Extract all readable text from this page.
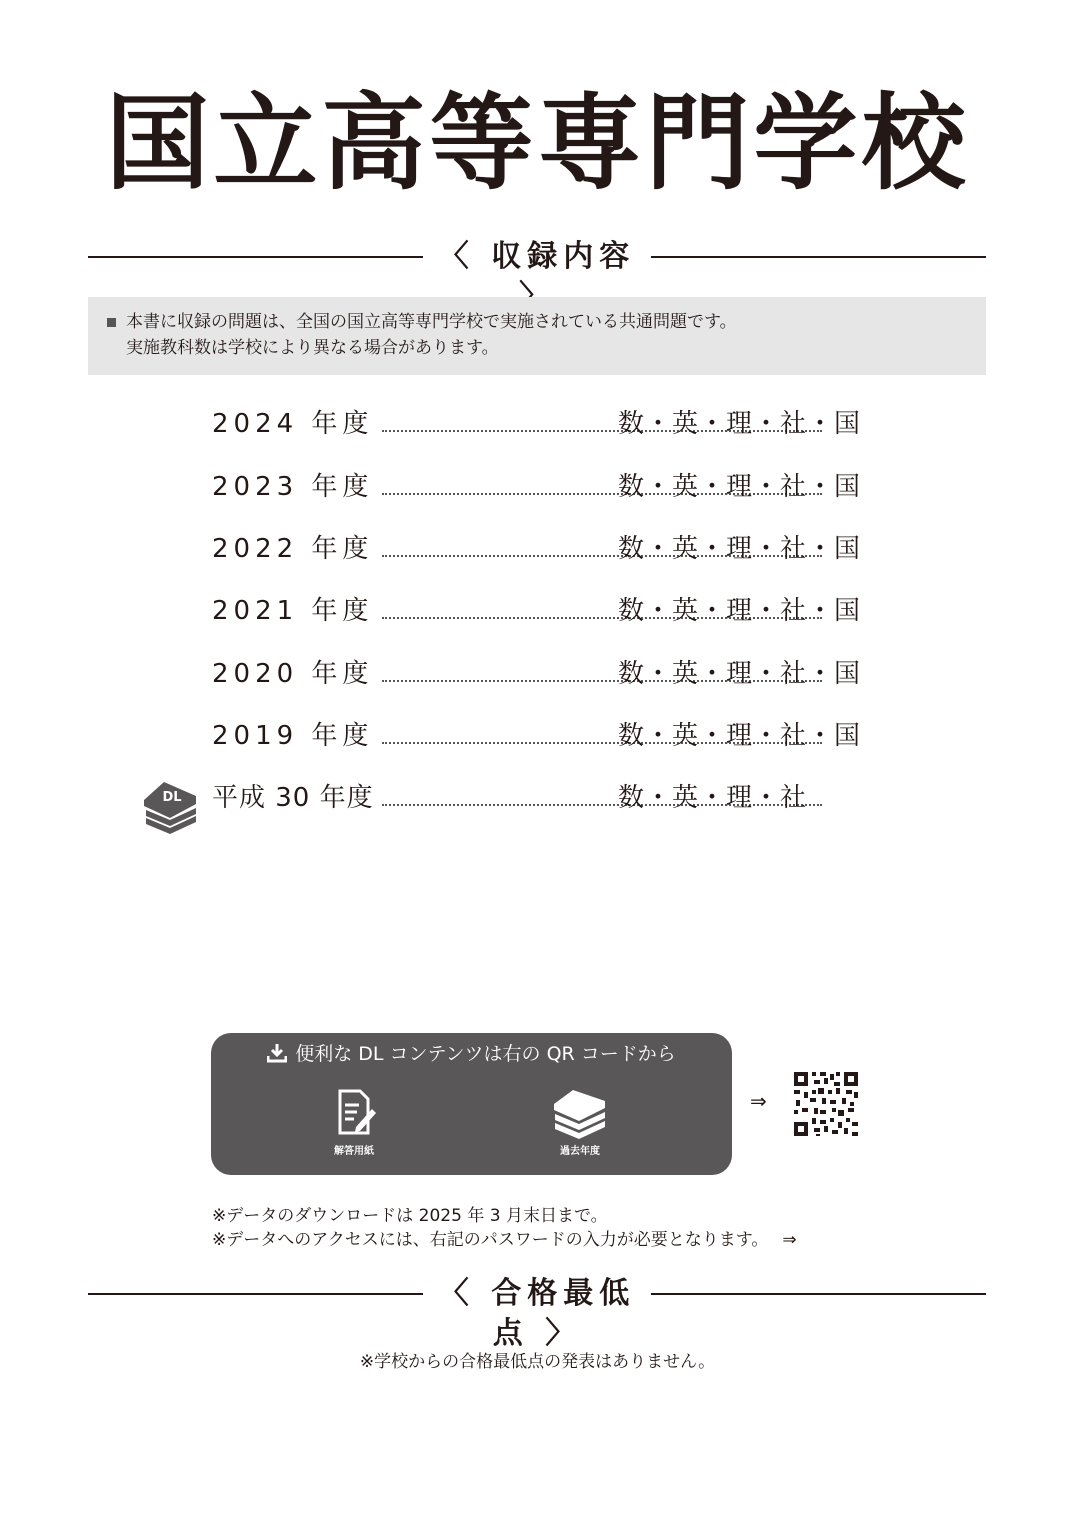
国立高等専門学校
〈 収録内容
本書に収録の問題は、全国の国立高等専門学校で実施されている共通問題です。
実施教科数は学校により異なる場合があります。
2024 年度	数・英・理・社・国
2023 年度	数・英・理・社・国
2022 年度	数・英・理・社・国
2021 年度	数・英・理・社・国
2020 年度	数・英・理・社・国
2019 年度	数・英・理・社・国
平成 30 年度	数・英・理・社
DL
便利な DL コンテンツは右の QR コードから
解答用紙	過去年度
⇒
※データのダウンロードは 2025 年 3 月末日まで。
※データへのアクセスには、右記のパスワードの入力が必要となります。 ⇒
〈 合格最低点 〉
※学校からの合格最低点の発表はありません。
